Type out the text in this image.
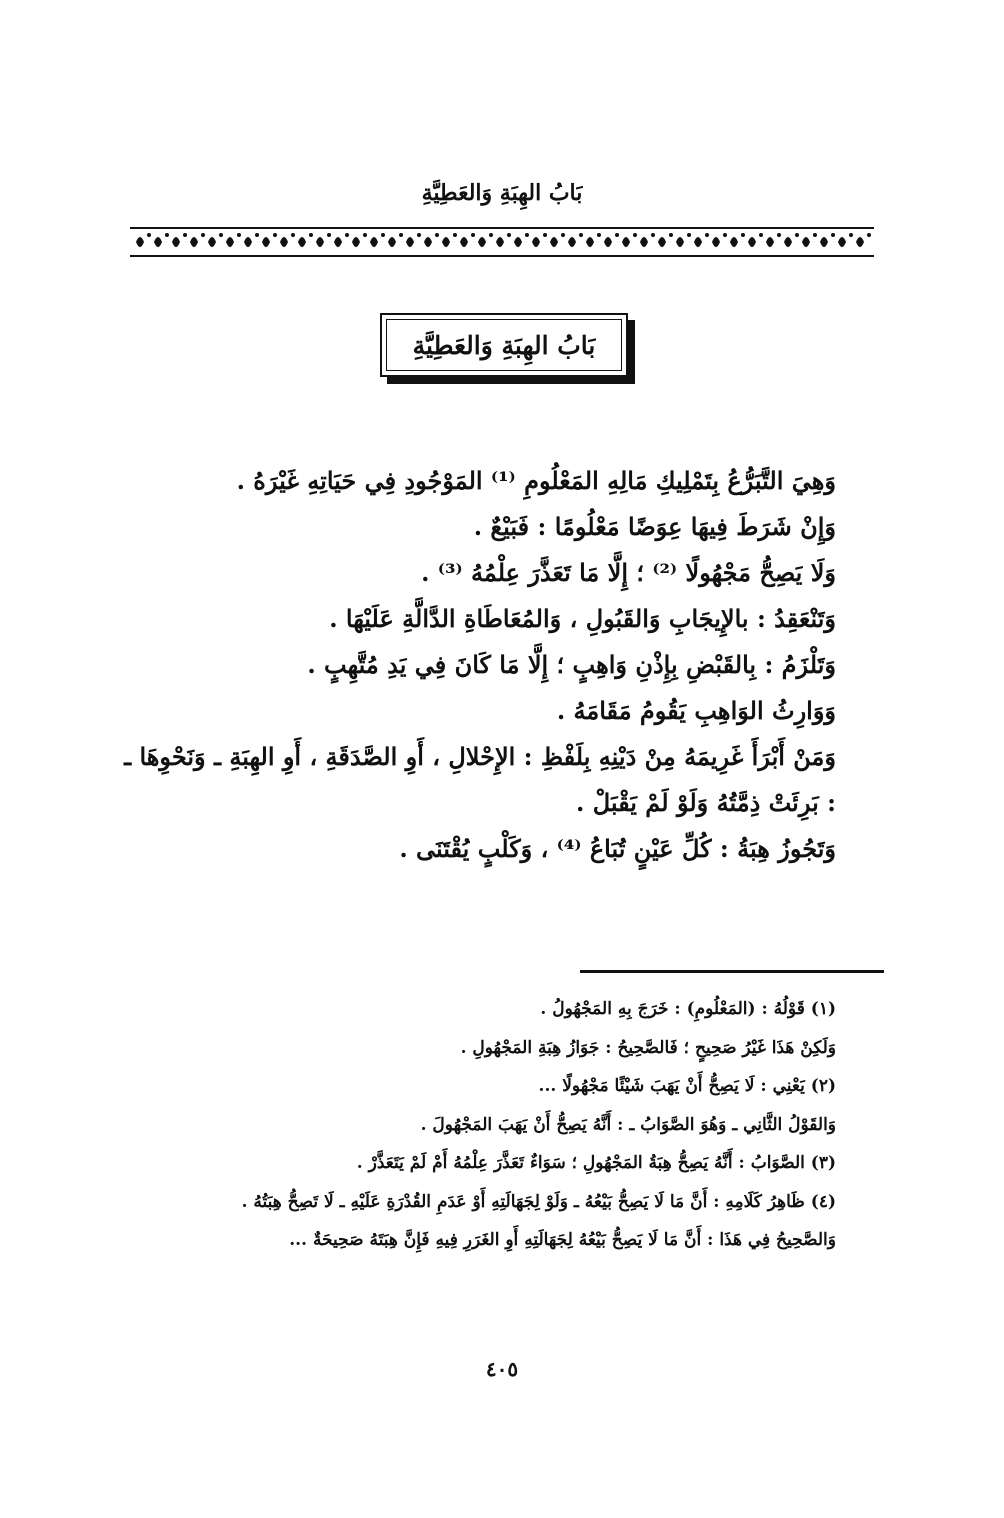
بَابُ الهِبَةِ وَالعَطِيَّةِ
بَابُ الهِبَةِ وَالعَطِيَّةِ

وَهِيَ التَّبَرُّعُ بِتَمْلِيكِ مَالِهِ المَعْلُومِ ⁽¹⁾ المَوْجُودِ فِي حَيَاتِهِ غَيْرَهُ .

وَإِنْ شَرَطَ فِيهَا عِوَضًا مَعْلُومًا : فَبَيْعٌ .

وَلَا يَصِحُّ مَجْهُولًا ⁽²⁾ ؛ إِلَّا مَا تَعَذَّرَ عِلْمُهُ ⁽³⁾ .

وَتَنْعَقِدُ : بالإِيجَابِ وَالقَبُولِ ، وَالمُعَاطَاةِ الدَّالَّةِ عَلَيْهَا .

وَتَلْزَمُ : بِالقَبْضِ بِإِذْنِ وَاهِبٍ ؛ إِلَّا مَا كَانَ فِي يَدِ مُتَّهِبٍ .

وَوَارِثُ الوَاهِبِ يَقُومُ مَقَامَهُ .

وَمَنْ أَبْرَأَ غَرِيمَهُ مِنْ دَيْنِهِ بِلَفْظِ : الإِحْلالِ ، أَوِ الصَّدَقَةِ ، أَوِ الهِبَةِ ـ وَنَحْوِهَا ـ : بَرِئَتْ ذِمَّتُهُ وَلَوْ لَمْ يَقْبَلْ .

وَتَجُوزُ هِبَةُ : كُلِّ عَيْنٍ تُبَاعُ ⁽⁴⁾ ، وَكَلْبٍ يُقْتَنَى .

(١) قَوْلُهُ : (المَعْلُومِ) : خَرَجَ بِهِ المَجْهُولُ .

وَلَكِنْ هَذَا غَيْرُ صَحِيحٍ ؛ فَالصَّحِيحُ : جَوَازُ هِبَةِ المَجْهُولِ .

(٢) يَعْنِي : لَا يَصِحُّ أَنْ يَهَبَ شَيْئًا مَجْهُولًا ...

وَالقَوْلُ الثَّانِي ـ وَهُوَ الصَّوَابُ ـ : أَنَّهُ يَصِحُّ أَنْ يَهَبَ المَجْهُولَ .

(٣) الصَّوَابُ : أَنَّهُ يَصِحُّ هِبَةُ المَجْهُولِ ؛ سَوَاءٌ تَعَذَّرَ عِلْمُهُ أَمْ لَمْ يَتَعَذَّرْ .

(٤) ظَاهِرُ كَلَامِهِ : أَنَّ مَا لَا يَصِحُّ بَيْعُهُ ـ وَلَوْ لِجَهَالَتِهِ أَوْ عَدَمِ القُدْرَةِ عَلَيْهِ ـ لَا تَصِحُّ هِبَتُهُ .

وَالصَّحِيحُ فِي هَذَا : أَنَّ مَا لَا يَصِحُّ بَيْعُهُ لِجَهَالَتِهِ أَوِ الغَرَرِ فِيهِ فَإِنَّ هِبَتَهُ صَحِيحَةٌ ...

٤٠٥
